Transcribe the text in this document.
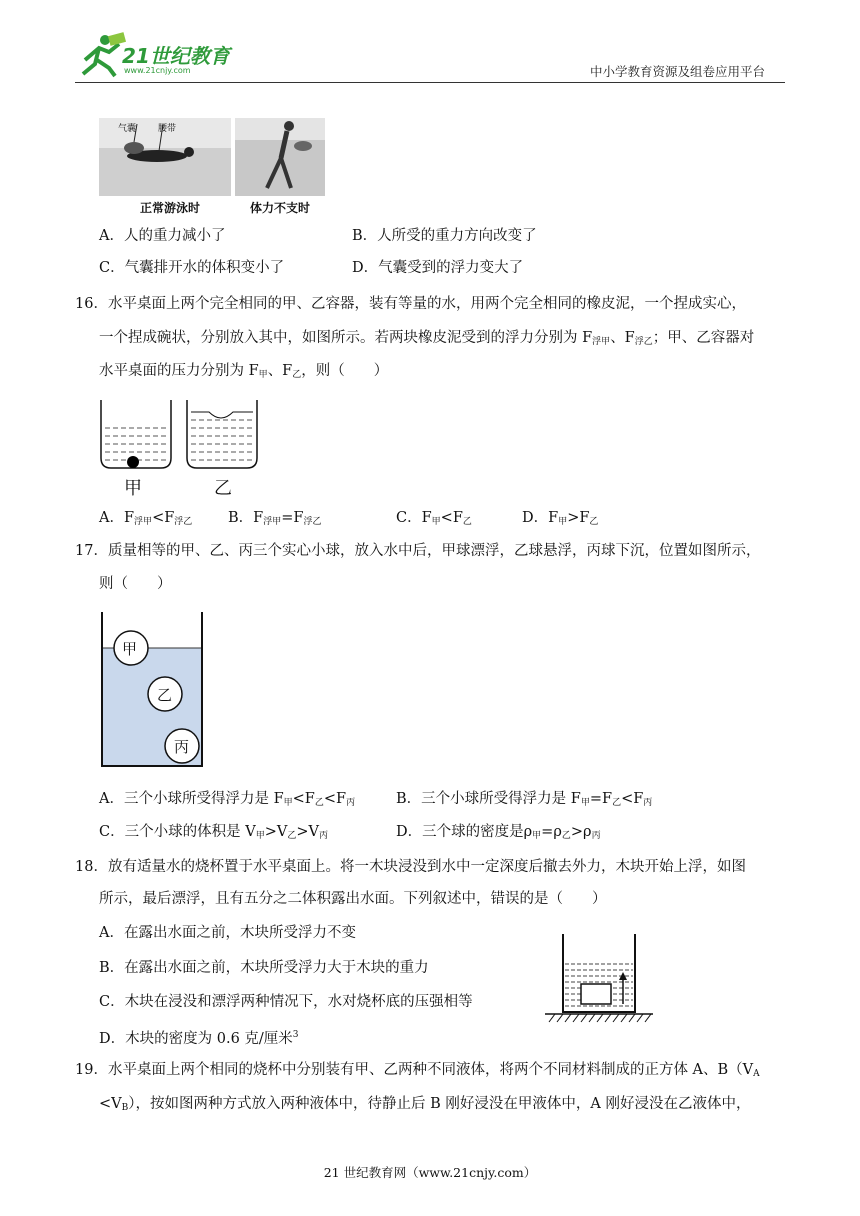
21世纪教育
www.21cnjy.com	中小学教育资源及组卷应用平台
气囊 腰带
正常游泳时	体力不支时
A．人的重力减小了	B．人所受的重力方向改变了
C．气囊排开水的体积变小了	D．气囊受到的浮力变大了
16．水平桌面上两个完全相同的甲、乙容器，装有等量的水，用两个完全相同的橡皮泥，一个捏成实心，
一个捏成碗状，分别放入其中，如图所示。若两块橡皮泥受到的浮力分别为 $F_{浮甲}$、$F_{浮乙}$；甲、乙容器对
水平桌面的压力分别为 $F_甲$、$F_乙$，则（　　）
甲	乙
A．$F_{浮甲}<F_{浮乙}$ B．$F_{浮甲}=F_{浮乙}$	C．$F_甲<F_乙$	D．$F_甲>F_乙$
17．质量相等的甲、乙、丙三个实心小球，放入水中后，甲球漂浮，乙球悬浮，丙球下沉，位置如图所示，
则（　　）
甲
乙
丙
A．三个小球所受得浮力是 $F_甲<F_乙<F_丙$	B．三个小球所受得浮力是 $F_甲=F_乙<F_丙$
C．三个小球的体积是 $V_甲>V_乙>V_丙$	D．三个球的密度是$\rho_甲=\rho_乙>\rho_丙$
18．放有适量水的烧杯置于水平桌面上。将一木块浸没到水中一定深度后撤去外力，木块开始上浮，如图
所示，最后漂浮，且有五分之二体积露出水面。下列叙述中，错误的是（　　）
A．在露出水面之前，木块所受浮力不变
B．在露出水面之前，木块所受浮力大于木块的重力
C．木块在浸没和漂浮两种情况下，水对烧杯底的压强相等
D．木块的密度为 0.6 克/厘米$^3$
19．水平桌面上两个相同的烧杯中分别装有甲、乙两种不同液体，将两个不同材料制成的正方体 A、$B(V_A$
$<V_B$），按如图两种方式放入两种液体中，待静止后 B 刚好浸没在甲液体中，A 刚好浸没在乙液体中，
21 世纪教育网（www.21cnjy.com）
